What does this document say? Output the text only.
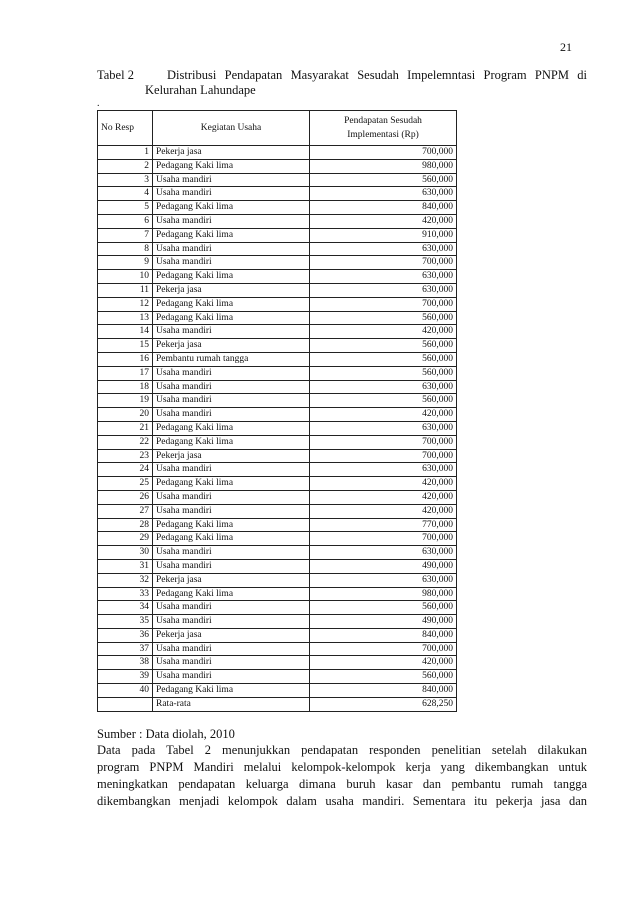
21
Tabel 2	Distribusi Pendapatan Masyarakat Sesudah Impelemntasi Program PNPM di
Kelurahan Lahundape
.
No Resp	Kegiatan Usaha	Pendapatan Sesudah
Implementasi (Rp)
1	Pekerja jasa	700,000
2	Pedagang Kaki lima	980,000
3	Usaha mandiri	560,000
4	Usaha mandiri	630,000
5	Pedagang Kaki lima	840,000
6	Usaha mandiri	420,000
7	Pedagang Kaki lima	910,000
8	Usaha mandiri	630,000
9	Usaha mandiri	700,000
10	Pedagang Kaki lima	630,000
11	Pekerja jasa	630,000
12	Pedagang Kaki lima	700,000
13	Pedagang Kaki lima	560,000
14	Usaha mandiri	420,000
15	Pekerja jasa	560,000
16	Pembantu rumah tangga	560,000
17	Usaha mandiri	560,000
18	Usaha mandiri	630,000
19	Usaha mandiri	560,000
20	Usaha mandiri	420,000
21	Pedagang Kaki lima	630,000
22	Pedagang Kaki lima	700,000
23	Pekerja jasa	700,000
24	Usaha mandiri	630,000
25	Pedagang Kaki lima	420,000
26	Usaha mandiri	420,000
27	Usaha mandiri	420,000
28	Pedagang Kaki lima	770,000
29	Pedagang Kaki lima	700,000
30	Usaha mandiri	630,000
31	Usaha mandiri	490,000
32	Pekerja jasa	630,000
33	Pedagang Kaki lima	980,000
34	Usaha mandiri	560,000
35	Usaha mandiri	490,000
36	Pekerja jasa	840,000
37	Usaha mandiri	700,000
38	Usaha mandiri	420,000
39	Usaha mandiri	560,000
40	Pedagang Kaki lima	840,000
	Rata-rata	628,250
Sumber : Data diolah, 2010
Data pada Tabel 2 menunjukkan pendapatan responden penelitian setelah dilakukan
program PNPM Mandiri melalui kelompok-kelompok kerja yang dikembangkan untuk
meningkatkan pendapatan keluarga dimana buruh kasar dan pembantu rumah tangga
dikembangkan menjadi kelompok dalam usaha mandiri. Sementara itu pekerja jasa dan
